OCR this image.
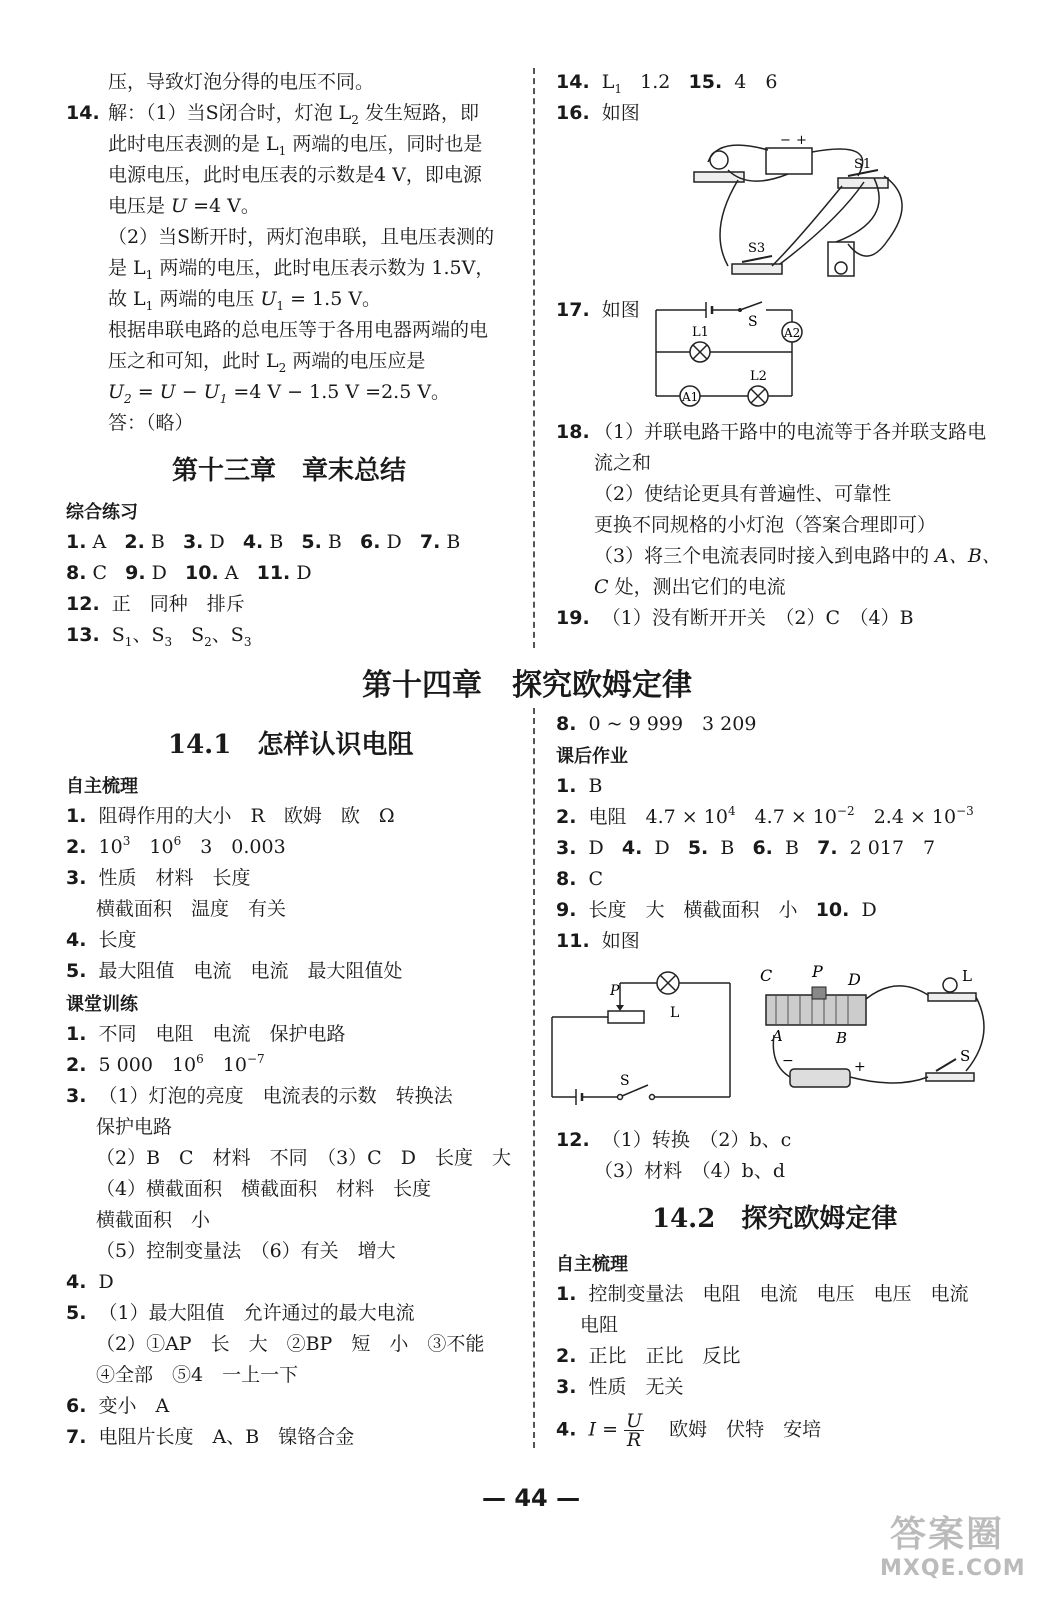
压，导致灯泡分得的电压不同。
14. 解：（1）当S闭合时，灯泡 $L_2$ 发生短路，即
此时电压表测的是 $L_1$ 两端的电压，同时也是
电源电压，此时电压表的示数是4 V，即电源
电压是 U =4 V。
（2）当S断开时，两灯泡串联，且电压表测的
是 $L_1$ 两端的电压，此时电压表示数为 1.5V，
故 $L_1$ 两端的电压 $U_1 = 1.5$ V。
根据串联电路的总电压等于各用电器两端的电
压之和可知，此时 $L_2$ 两端的电压应是
$U_2 = U - U_1 =4$ V − 1.5 V =2.5 V。
答：（略）
第十三章　章末总结
综合练习
1. A 2. B 3. D 4. B 5. B 6. D 7. B
8. C 9. D 10. A 11. D
12. 正　同种　排斥
13. $S_1$、$S_3$　$S_2$、$S_3$
14. $L_1$ 1.2 15. 4　6
16. 如图
− +
S1
S3
17. 如图
S
A2
L1
A1
L2
18. （1）并联电路干路中的电流等于各并联支路电
流之和
（2）使结论更具有普遍性、可靠性
更换不同规格的小灯泡（答案合理即可）
（3）将三个电流表同时接入到电路中的 A、B、
C 处，测出它们的电流
19. （1）没有断开开关　（2）C　（4）B
第十四章　探究欧姆定律
14.1　怎样认识电阻
自主梳理
1. 阻碍作用的大小　R　欧姆　欧　Ω
2. $10^3$　$10^6$　3　0.003
3. 性质　材料　长度
横截面积　温度　有关
4. 长度
5. 最大阻值　电流　电流　最大阻值处
课堂训练
1. 不同　电阻　电流　保护电路
2. 5 000　$10^6$　$10^{-7}$
3. （1）灯泡的亮度　电流表的示数　转换法
保护电路
（2）B　C　材料　不同　（3）C　D　长度　大
（4）横截面积　横截面积　材料　长度
横截面积　小
（5）控制变量法　（6）有关　增大
4. D
5. （1）最大阻值　允许通过的最大电流
（2）①AP　长　大　②BP　短　小　③不能
④全部　⑤4　一上一下
6. 变小　A
7. 电阻片长度　A、B　镍铬合金
8. 0 ~ 9 999　3 209
课后作业
1. B
2. 电阻　$4.7 \times 10^4$　$4.7 \times 10^{-2}$　$2.4 \times 10^{-3}$
3. D 4. D 5. B 6. B 7. 2 017　7
8. C
9. 长度　大　横截面积　小 10. D
11. 如图
P
L
S
C P D
A	B
L
S
−	+
12. （1）转换　（2）b、c
（3）材料　（4）b、d
14.2　探究欧姆定律
自主梳理
1. 控制变量法　电阻　电流　电压　电压　电流
电阻
2. 正比　正比　反比
3. 性质　无关
4. $I = \frac{U}{R}$ 　欧姆　伏特　安培
— 44 —
答案圈
MXQE.COM
